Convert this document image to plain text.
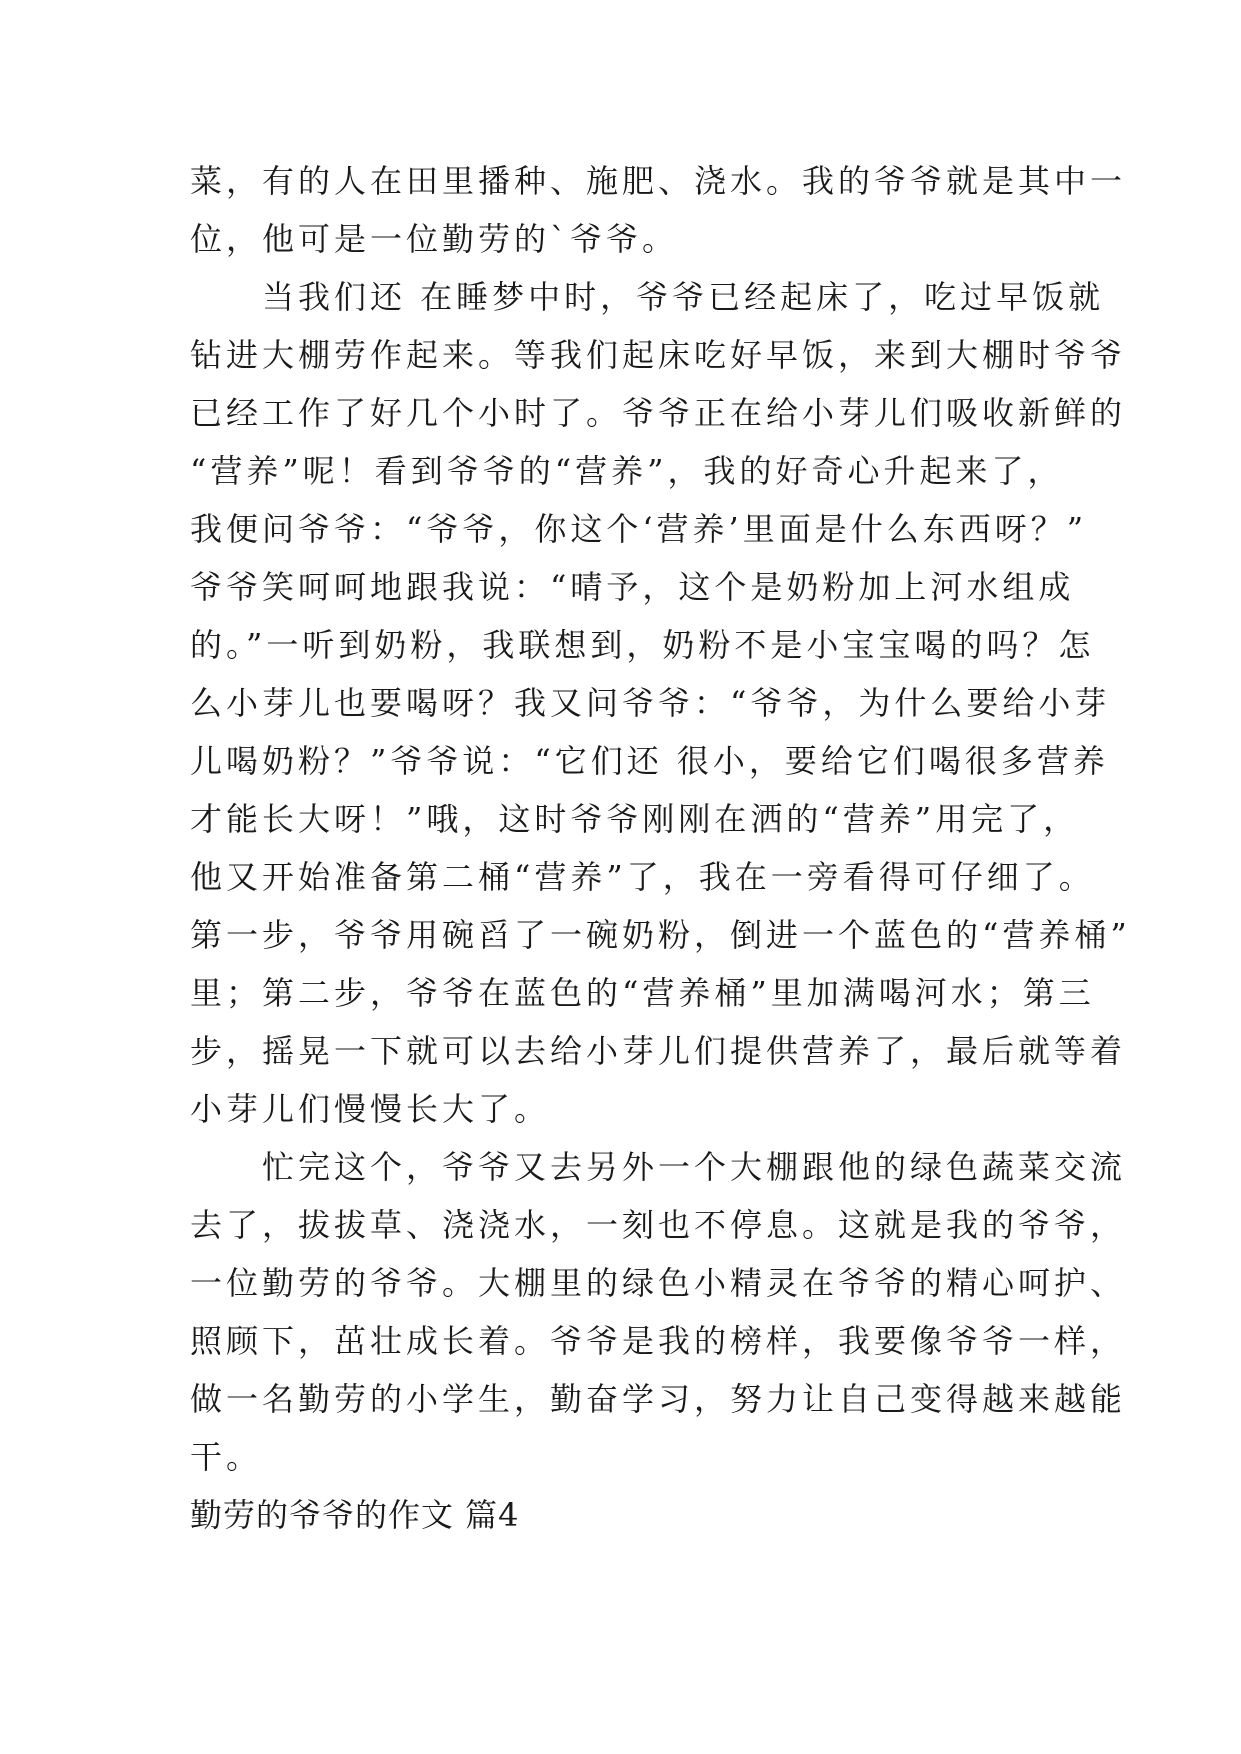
菜，有的人在田里播种、施肥、浇水。我的爷爷就是其中一
位，他可是一位勤劳的`爷爷。
当我们还 在睡梦中时，爷爷已经起床了，吃过早饭就
钻进大棚劳作起来。等我们起床吃好早饭，来到大棚时爷爷
已经工作了好几个小时了。爷爷正在给小芽儿们吸收新鲜的
“营养”呢！看到爷爷的“营养”，我的好奇心升起来了，
我便问爷爷：“爷爷，你这个‘营养’里面是什么东西呀？”
爷爷笑呵呵地跟我说：“晴予，这个是奶粉加上河水组成
的。”一听到奶粉，我联想到，奶粉不是小宝宝喝的吗？怎
么小芽儿也要喝呀？我又问爷爷：“爷爷，为什么要给小芽
儿喝奶粉？”爷爷说：“它们还 很小，要给它们喝很多营养
才能长大呀！”哦，这时爷爷刚刚在洒的“营养”用完了，
他又开始准备第二桶“营养”了，我在一旁看得可仔细了。
第一步，爷爷用碗舀了一碗奶粉，倒进一个蓝色的“营养桶”
里；第二步，爷爷在蓝色的“营养桶”里加满喝河水；第三
步，摇晃一下就可以去给小芽儿们提供营养了，最后就等着
小芽儿们慢慢长大了。
忙完这个，爷爷又去另外一个大棚跟他的绿色蔬菜交流
去了，拔拔草、浇浇水，一刻也不停息。这就是我的爷爷，
一位勤劳的爷爷。大棚里的绿色小精灵在爷爷的精心呵护、
照顾下，茁壮成长着。爷爷是我的榜样，我要像爷爷一样，
做一名勤劳的小学生，勤奋学习，努力让自己变得越来越能
干。
勤劳的爷爷的作文 篇4
